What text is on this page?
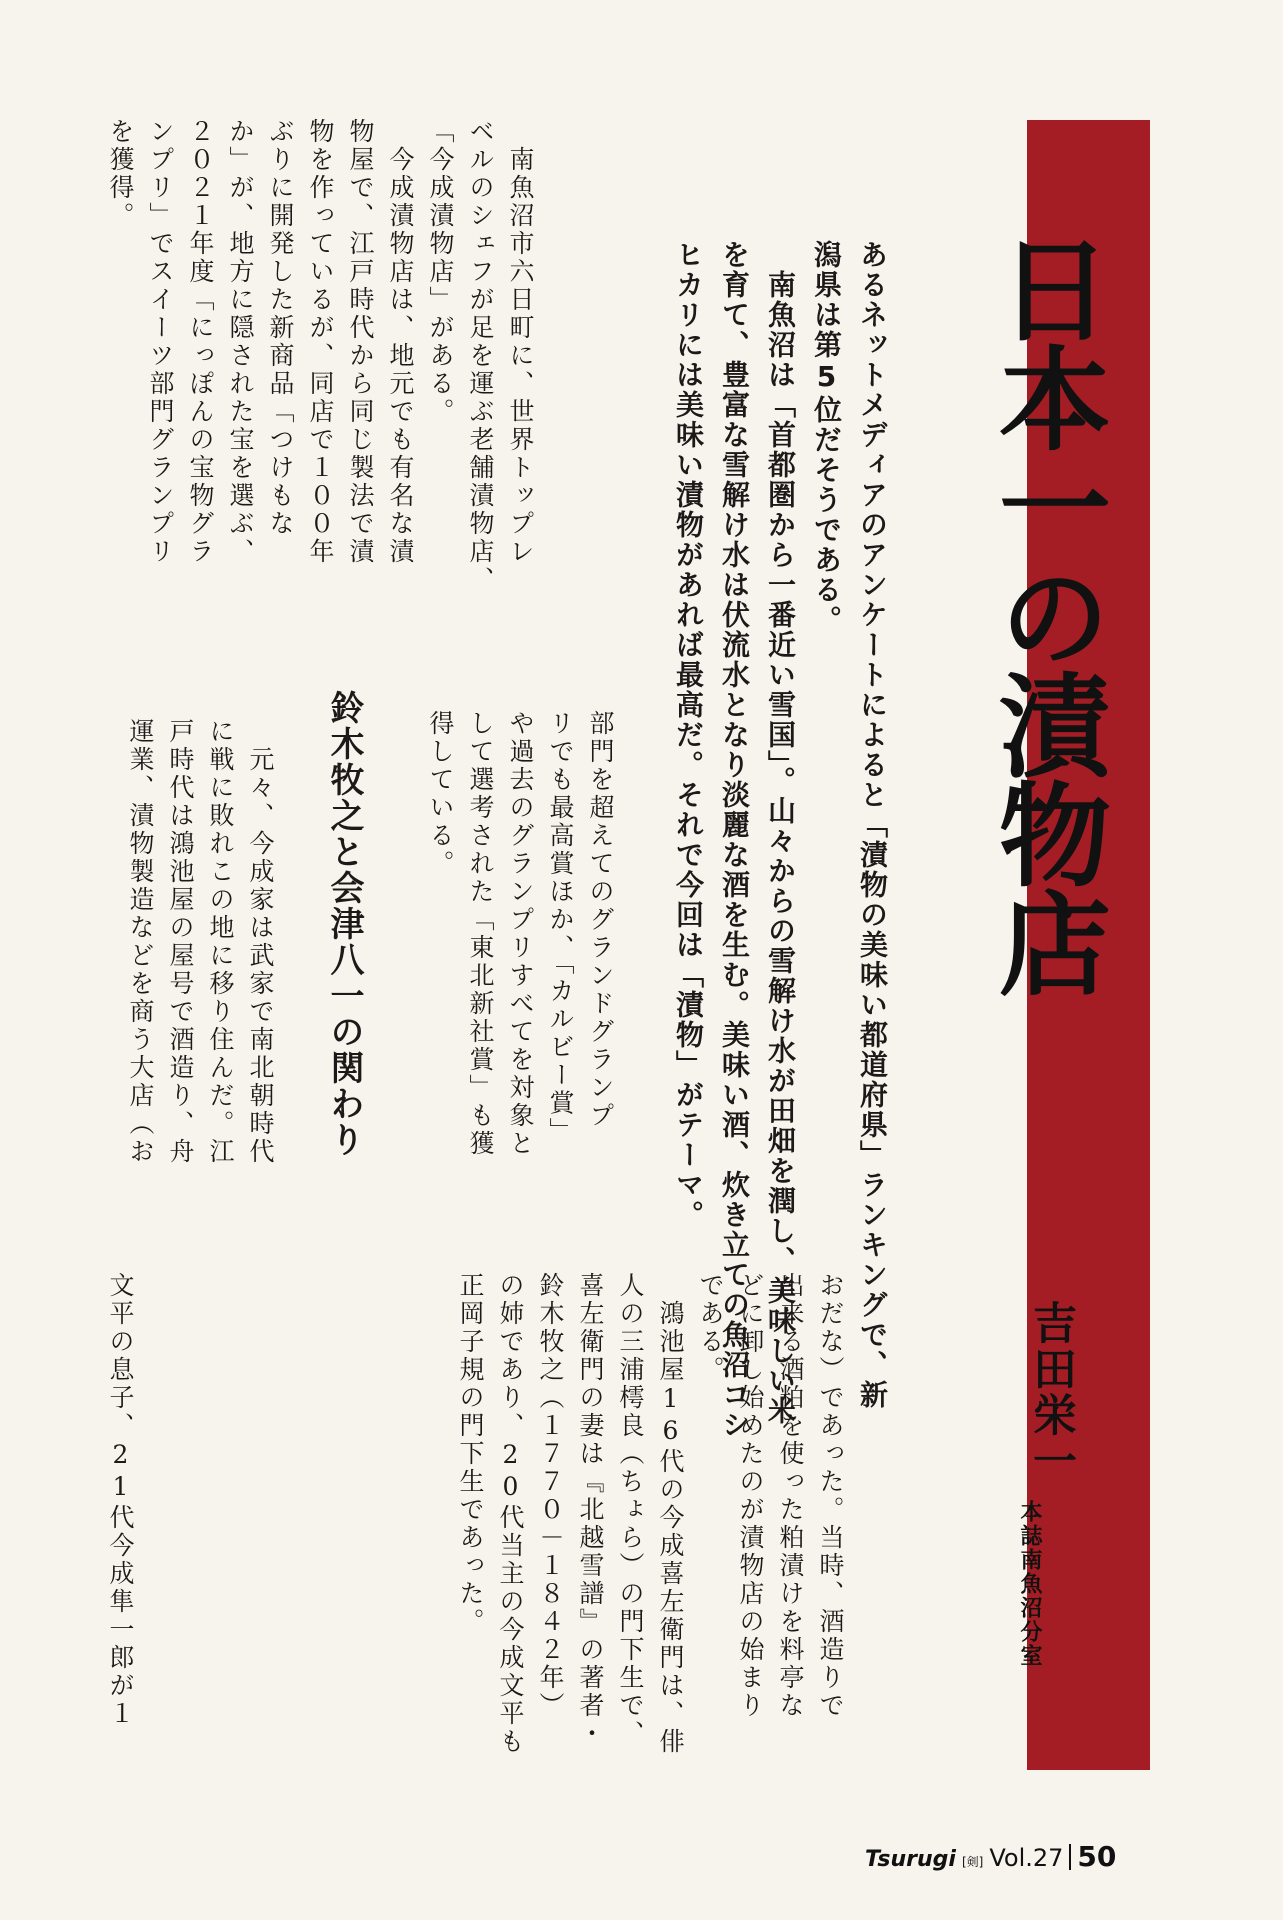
日本一の漬物店
吉田栄一
本誌南魚沼分室
あるネットメディアのアンケートによると「漬物の美味い都道府県」ランキングで、新
潟県は第5位だそうである。
　南魚沼は「首都圏から一番近い雪国」。山々からの雪解け水が田畑を潤し、美味しい米
を育て、豊富な雪解け水は伏流水となり淡麗な酒を生む。美味い酒、炊き立ての魚沼コシ
ヒカリには美味い漬物があれば最高だ。それで今回は「漬物」がテーマ。
　南魚沼市六日町に、世界トップレ
ベルのシェフが足を運ぶ老舗漬物店、
「今成漬物店」がある。
　今成漬物店は、地元でも有名な漬
物屋で、江戸時代から同じ製法で漬
物を作っているが、同店で１００年
ぶりに開発した新商品「つけもな
か」が、地方に隠された宝を選ぶ、
２０２１年度「にっぽんの宝物グラ
ンプリ」でスイーツ部門グランプリ
を獲得。
部門を超えてのグランドグランプ
リでも最高賞ほか、「カルビー賞」
や過去のグランプリすべてを対象と
して選考された「東北新社賞」も獲
得している。
鈴木牧之と会津八一の関わり
　元々、今成家は武家で南北朝時代
に戦に敗れこの地に移り住んだ。江
戸時代は鴻池屋の屋号で酒造り、舟
運業、漬物製造などを商う大店（お
おだな）であった。当時、酒造りで
出来る酒粕を使った粕漬けを料亭な
どに卸し始めたのが漬物店の始まり
である。
　鴻池屋16代の今成喜左衛門は、俳
人の三浦樗良（ちょら）の門下生で、
喜左衛門の妻は『北越雪譜』の著者・
鈴木牧之（１７７０－１８４２年）
の姉であり、20代当主の今成文平も
正岡子規の門下生であった。
文平の息子、21代今成隼一郎が１
Tsurugi [剣] Vol.27 50
